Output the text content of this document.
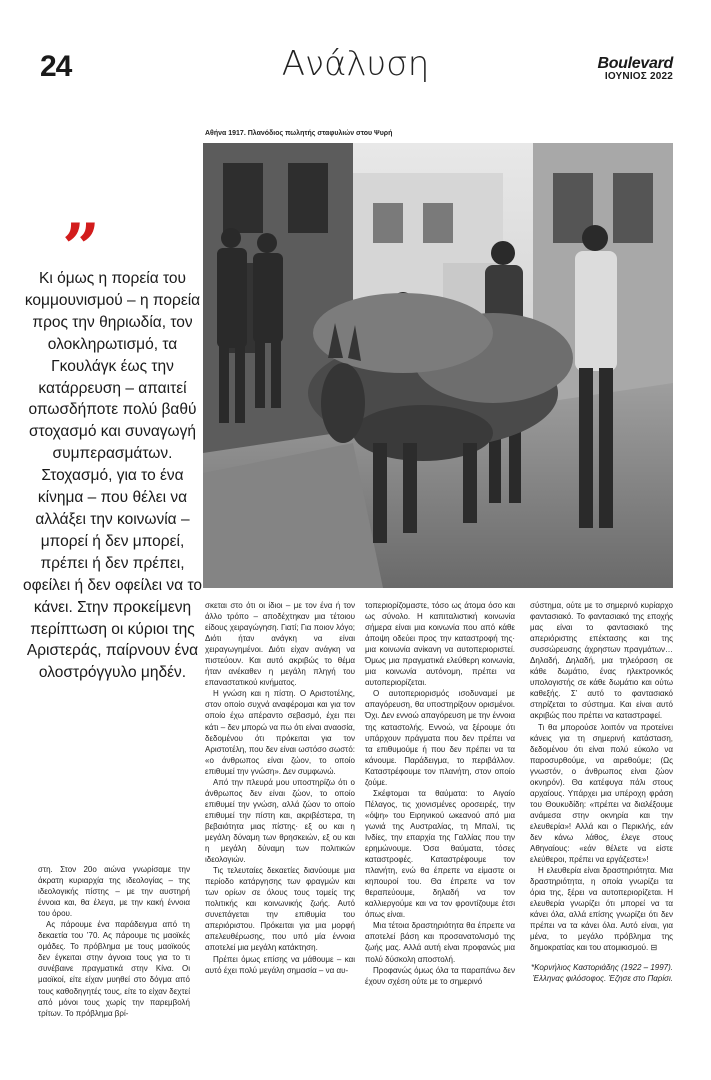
24	Ανάλυση	Boulevard
ΙΟΥΝΙΟΣ 2022
Αθήνα 1917. Πλανόδιος πωλητής σταφυλιών στου Ψυρή
”
Κι όμως η πορεία του κομμουνισμού – η πορεία προς την θηριωδία, τον ολοκληρωτισμό, τα Γκουλάγκ έως την κατάρρευση – απαιτεί οπωσδήποτε πολύ βαθύ στοχασμό και συναγωγή συμπερασμάτων. Στοχασμό, για το ένα κίνημα – που θέλει να αλλάξει την κοινωνία – μπορεί ή δεν μπορεί, πρέπει ή δεν πρέπει, οφείλει ή δεν οφείλει να το κάνει. Στην προκείμενη περίπτωση οι κύριοι της Αριστεράς, παίρνουν ένα ολοστρόγγυλο μηδέν.

στη. Στον 20ο αιώνα γνωρίσαμε την άκρατη κυριαρχία της ιδεολογίας – της ιδεολογικής πίστης – με την αυστηρή έννοια και, θα έλεγα, με την κακή έννοια του όρου.

Ας πάρουμε ένα παράδειγμα από τη δεκαετία του ’70. Ας πάρουμε τις μαοϊκές ομάδες. Το πρόβλημα με τους μαοϊκούς δεν έγκειται στην άγνοια τους για το τι συνέβαινε πραγματικά στην Κίνα. Οι μαοϊκοί, είτε είχαν μυηθεί στο δόγμα από τους καθοδηγητές τους, είτε το είχαν δεχτεί από μόνοι τους χωρίς την παρεμβολή τρίτων. Το πρόβλημα βρί-

σκεται στο ότι οι ίδιοι – με τον ένα ή τον άλλο τρόπο – αποδέχτηκαν μια τέτοιου είδους χειραγώγηση. Γιατί; Για ποιον λόγο; Διότι ήταν ανάγκη να είναι χειραγωγημένοι. Διότι είχαν ανάγκη να πιστεύουν. Και αυτό ακριβώς το θέμα ήταν ανέκαθεν η μεγάλη πληγή του επαναστατικού κινήματος.

Η γνώση και η πίστη. Ο Αριστοτέλης, στον οποίο συχνά αναφέρομαι και για τον οποίο έχω απέραντο σεβασμό, έχει πει κάτι – δεν μπορώ να πω ότι είναι αναοσία, δεδομένου ότι πρόκειται για τον Αριστοτέλη, που δεν είναι ωστόσο σωστό: «ο άνθρωπος είναι ζώον, το οποίο επιθυμεί την γνώση». Δεν συμφωνώ.

Από την πλευρά μου υποστηρίζω ότι ο άνθρωπος δεν είναι ζώον, το οποίο επιθυμεί την γνώση, αλλά ζώον το οποίο επιθυμεί την πίστη και, ακριβέστερα, τη βεβαιότητα μιας πίστης· εξ ου και η μεγάλη δύναμη των θρησκειών, εξ ου και η μεγάλη δύναμη των πολιτικών ιδεολογιών.

Τις τελευταίες δεκαετίες διανύουμε μια περίοδο κατάργησης των φραγμών και των ορίων σε όλους τους τομείς της πολιτικής και κοινωνικής ζωής. Αυτό συνεπάγεται την επιθυμία του απεριόριστου. Πρόκειται για μια μορφή απελευθέρωσης, που υπό μία έννοια αποτελεί μια μεγάλη κατάκτηση.

Πρέπει όμως επίσης να μάθουμε – και αυτό έχει πολύ μεγάλη σημασία – να αυ-

τοπεριορίζομαστε, τόσο ως άτομα όσο και ως σύνολο. Η καπιταλιστική κοινωνία σήμερα είναι μια κοινωνία που από κάθε άποψη οδεύει προς την καταστροφή της· μια κοινωνία ανίκανη να αυτοπεριοριστεί. Όμως μια πραγματικά ελεύθερη κοινωνία, μια κοινωνία αυτόνομη, πρέπει να αυτοπεριορίζεται.

Ο αυτοπεριορισμός ισοδυναμεί με απαγόρευση, θα υποστηρίξουν ορισμένοι. Όχι. Δεν εννοώ απαγόρευση με την έννοια της καταστολής. Εννοώ, να ξέρουμε ότι υπάρχουν πράγματα που δεν πρέπει να τα επιθυμούμε ή που δεν πρέπει να τα κάνουμε. Παράδειγμα, το περιβάλλον. Καταστρέφουμε τον πλανήτη, στον οποίο ζούμε.

Σκέφτομαι τα θαύματα: το Αιγαίο Πέλαγος, τις χιονισμένες οροσειρές, την «όψη» του Ειρηνικού ωκεανού από μια γωνιά της Αυστραλίας, τη Μπαλί, τις Ινδίες, την επαρχία της Γαλλίας που την ερημώνουμε. Όσα θαύματα, τόσες καταστροφές. Καταστρέφουμε τον πλανήτη, ενώ θα έπρεπε να είμαστε οι κηπουροί του. Θα έπρεπε να τον θεραπεύουμε, δηλαδή να τον καλλιεργούμε και να τον φροντίζουμε έτσι όπως είναι.

Μια τέτοια δραστηριότητα θα έπρεπε να αποτελεί βάση και προσανατολισμό της ζωής μας. Αλλά αυτή είναι προφανώς μια πολύ δύσκολη αποστολή.

Προφανώς όμως όλα τα παραπάνω δεν έχουν σχέση ούτε με το σημερινό

σύστημα, ούτε με το σημερινό κυρίαρχο φαντασιακό. Το φαντασιακό της εποχής μας είναι το φαντασιακό της απεριόριστης επέκτασης και της συσσώρευσης άχρηστων πραγμάτων… Δηλαδή, Δηλαδή, μια τηλεόραση σε κάθε δωμάτιο, ένας ηλεκτρονικός υπολογιστής σε κάθε δωμάτιο και ούτω καθεξής. Σ’ αυτό το φαντασιακό στηρίζεται το σύστημα. Και είναι αυτό ακριβώς που πρέπει να καταστραφεί.

Τι θα μπορούσε λοιπόν να προτείνει κάνεις για τη σημερινή κατάσταση, δεδομένου ότι είναι πολύ εύκολο να παροσυρθούμε, να αιρεθούμε; (Ως γνωστόν, ο άνθρωπος είναι ζώον οκνηρόν). Θα κατέφυγα πάλι στους αρχαίους. Υπάρχει μια υπέροχη φράση του Θουκυδίδη: «πρέπει να διαλέξουμε ανάμεσα στην οκνηρία και την ελευθερία»! Αλλά και ο Περικλής, εάν δεν κάνω λάθος, έλεγε στους Αθηναίους: «εάν θέλετε να είστε ελεύθεροι, πρέπει να εργάζεστε»!

Η ελευθερία είναι δραστηριότητα. Μια δραστηριότητα, η οποία γνωρίζει τα όρια της, ξέρει να αυτοπεριορίζεται. Η ελευθερία γνωρίζει ότι μπορεί να τα κάνει όλα, αλλά επίσης γνωρίζει ότι δεν πρέπει να τα κάνει όλα. Αυτό είναι, για μένα, το μεγάλο πρόβλημα της δημοκρατίας και του ατομικισμού. ⊟

*Κορνήλιος Καστοριάδης (1922 – 1997).

Έλληνας φιλόσοφος. Έζησε στο Παρίσι.
